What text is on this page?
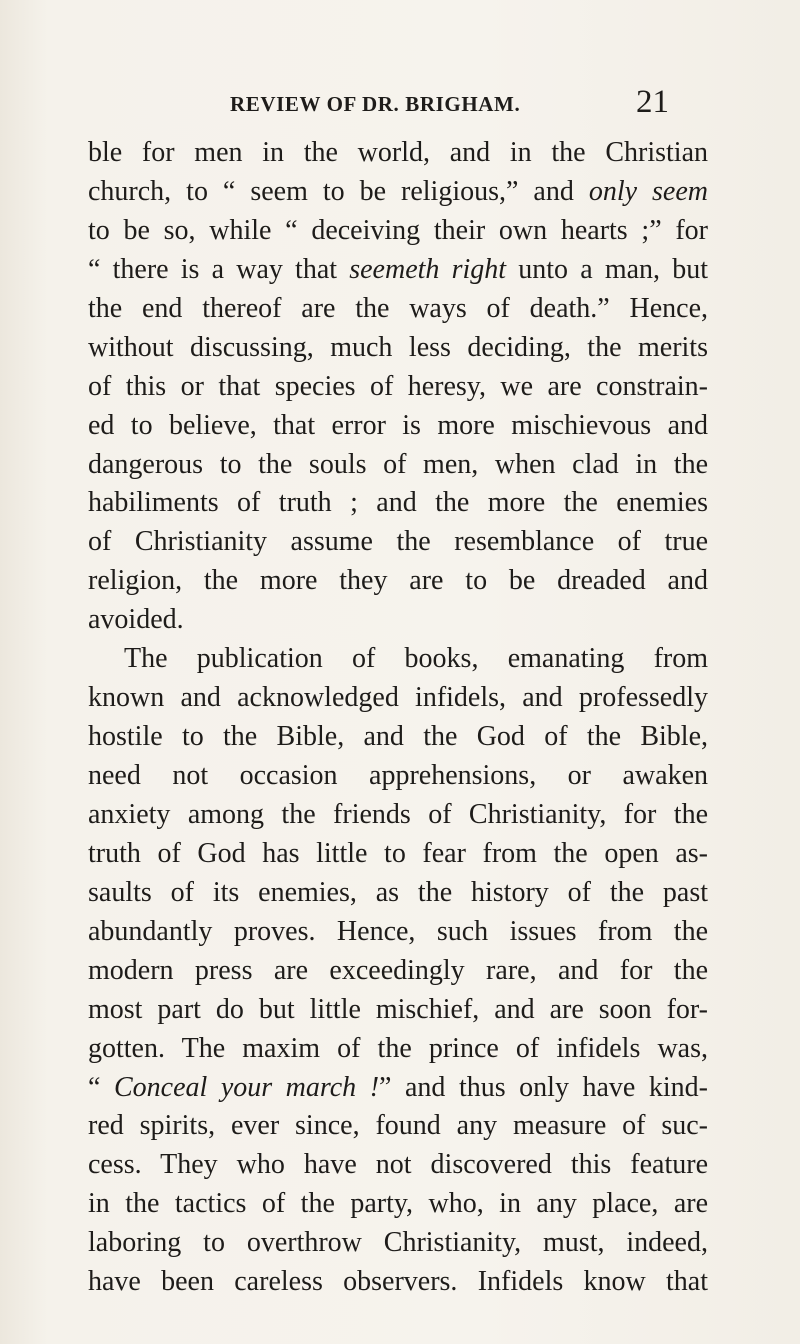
REVIEW OF DR. BRIGHAM.	21
ble for men in the world, and in the Christian
church, to “ seem to be religious,” and only seem
to be so, while “ deceiving their own hearts ;” for
“ there is a way that seemeth right unto a man, but
the end thereof are the ways of death.” Hence,
without discussing, much less deciding, the merits
of this or that species of heresy, we are constrain-
ed to believe, that error is more mischievous and
dangerous to the souls of men, when clad in the
habiliments of truth ; and the more the enemies
of Christianity assume the resemblance of true
religion, the more they are to be dreaded and
avoided.
The publication of books, emanating from
known and acknowledged infidels, and professedly
hostile to the Bible, and the God of the Bible,
need not occasion apprehensions, or awaken
anxiety among the friends of Christianity, for the
truth of God has little to fear from the open as-
saults of its enemies, as the history of the past
abundantly proves. Hence, such issues from the
modern press are exceedingly rare, and for the
most part do but little mischief, and are soon for-
gotten. The maxim of the prince of infidels was,
“ Conceal your march !” and thus only have kind-
red spirits, ever since, found any measure of suc-
cess. They who have not discovered this feature
in the tactics of the party, who, in any place, are
laboring to overthrow Christianity, must, indeed,
have been careless observers. Infidels know that
